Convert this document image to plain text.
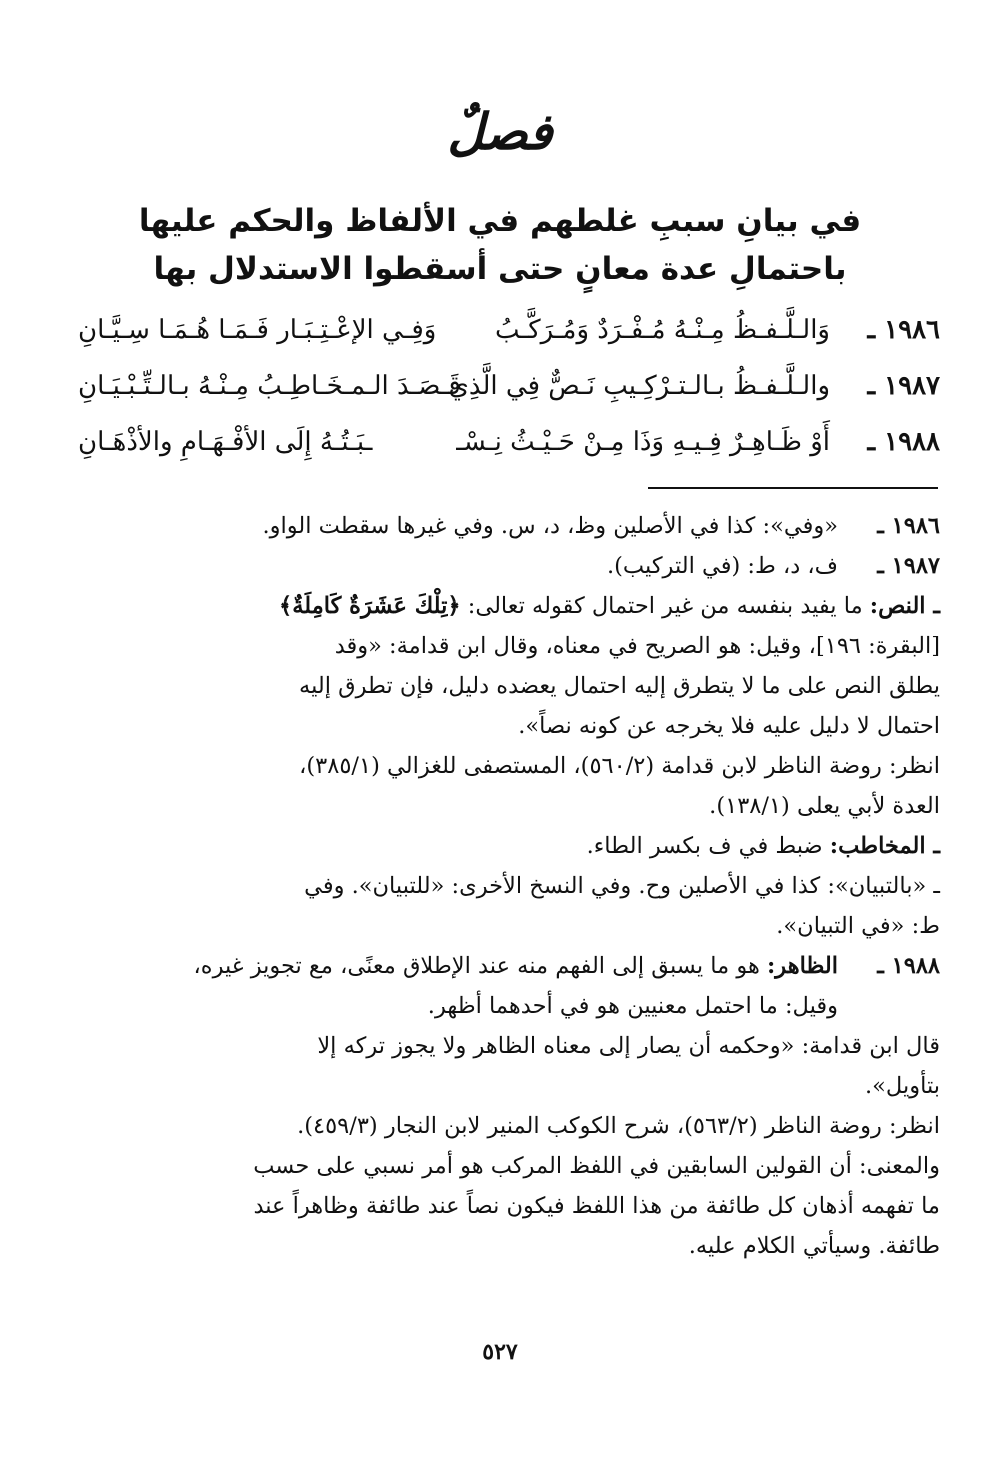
فصلٌ
في بيانِ سببِ غلطهم في الألفاظ والحكم عليها
باحتمالِ عدة معانٍ حتى أسقطوا الاستدلال بها
١٩٨٦ ـ
وَالـلَّـفـظُ مِـنْـهُ مُـفْـرَدٌ وَمُـرَكَّـبُ
وَفِـي الإعْـتِـبَـار فَـمَـا هُـمَـا سِـيَّـانِ
١٩٨٧ ـ
والـلَّـفـظُ بـالـتـرْكِـيبِ نَـصٌّ فِي الَّذِي
قَـصَـدَ الـمـخَـاطِـبُ مِـنْـهُ بـالـتِّـبْـيَـانِ
١٩٨٨ ـ
أَوْ ظَـاهِـرٌ فِـيـهِ وَذَا مِـنْ حَـيْـثُ نِـسْـ
ـبَـتُـهُ إِلَى الأفْـهَـامِ والأذْهَـانِ
١٩٨٦ ـ
«وفي»: كذا في الأصلين وظ، د، س. وفي غيرها سقطت الواو.
١٩٨٧ ـ
ف، د، ط: (في التركيب).
ـ النص: ما يفيد بنفسه من غير احتمال كقوله تعالى: ﴿تِلْكَ عَشَرَةٌ كَامِلَةٌ﴾
[البقرة: ١٩٦]، وقيل: هو الصريح في معناه، وقال ابن قدامة: «وقد
يطلق النص على ما لا يتطرق إليه احتمال يعضده دليل، فإن تطرق إليه
احتمال لا دليل عليه فلا يخرجه عن كونه نصاً».
انظر: روضة الناظر لابن قدامة (٥٦٠/٢)، المستصفى للغزالي (٣٨٥/١)،
العدة لأبي يعلى (١٣٨/١).
ـ المخاطب: ضبط في ف بكسر الطاء.
ـ «بالتبيان»: كذا في الأصلين وح. وفي النسخ الأخرى: «للتبيان». وفي
ط: «في التبيان».
١٩٨٨ ـ
الظاهر: هو ما يسبق إلى الفهم منه عند الإطلاق معنًى، مع تجويز غيره،
وقيل: ما احتمل معنيين هو في أحدهما أظهر.
قال ابن قدامة: «وحكمه أن يصار إلى معناه الظاهر ولا يجوز تركه إلا
بتأويل».
انظر: روضة الناظر (٥٦٣/٢)، شرح الكوكب المنير لابن النجار (٤٥٩/٣).
والمعنى: أن القولين السابقين في اللفظ المركب هو أمر نسبي على حسب
ما تفهمه أذهان كل طائفة من هذا اللفظ فيكون نصاً عند طائفة وظاهراً عند
طائفة. وسيأتي الكلام عليه.
٥٢٧
